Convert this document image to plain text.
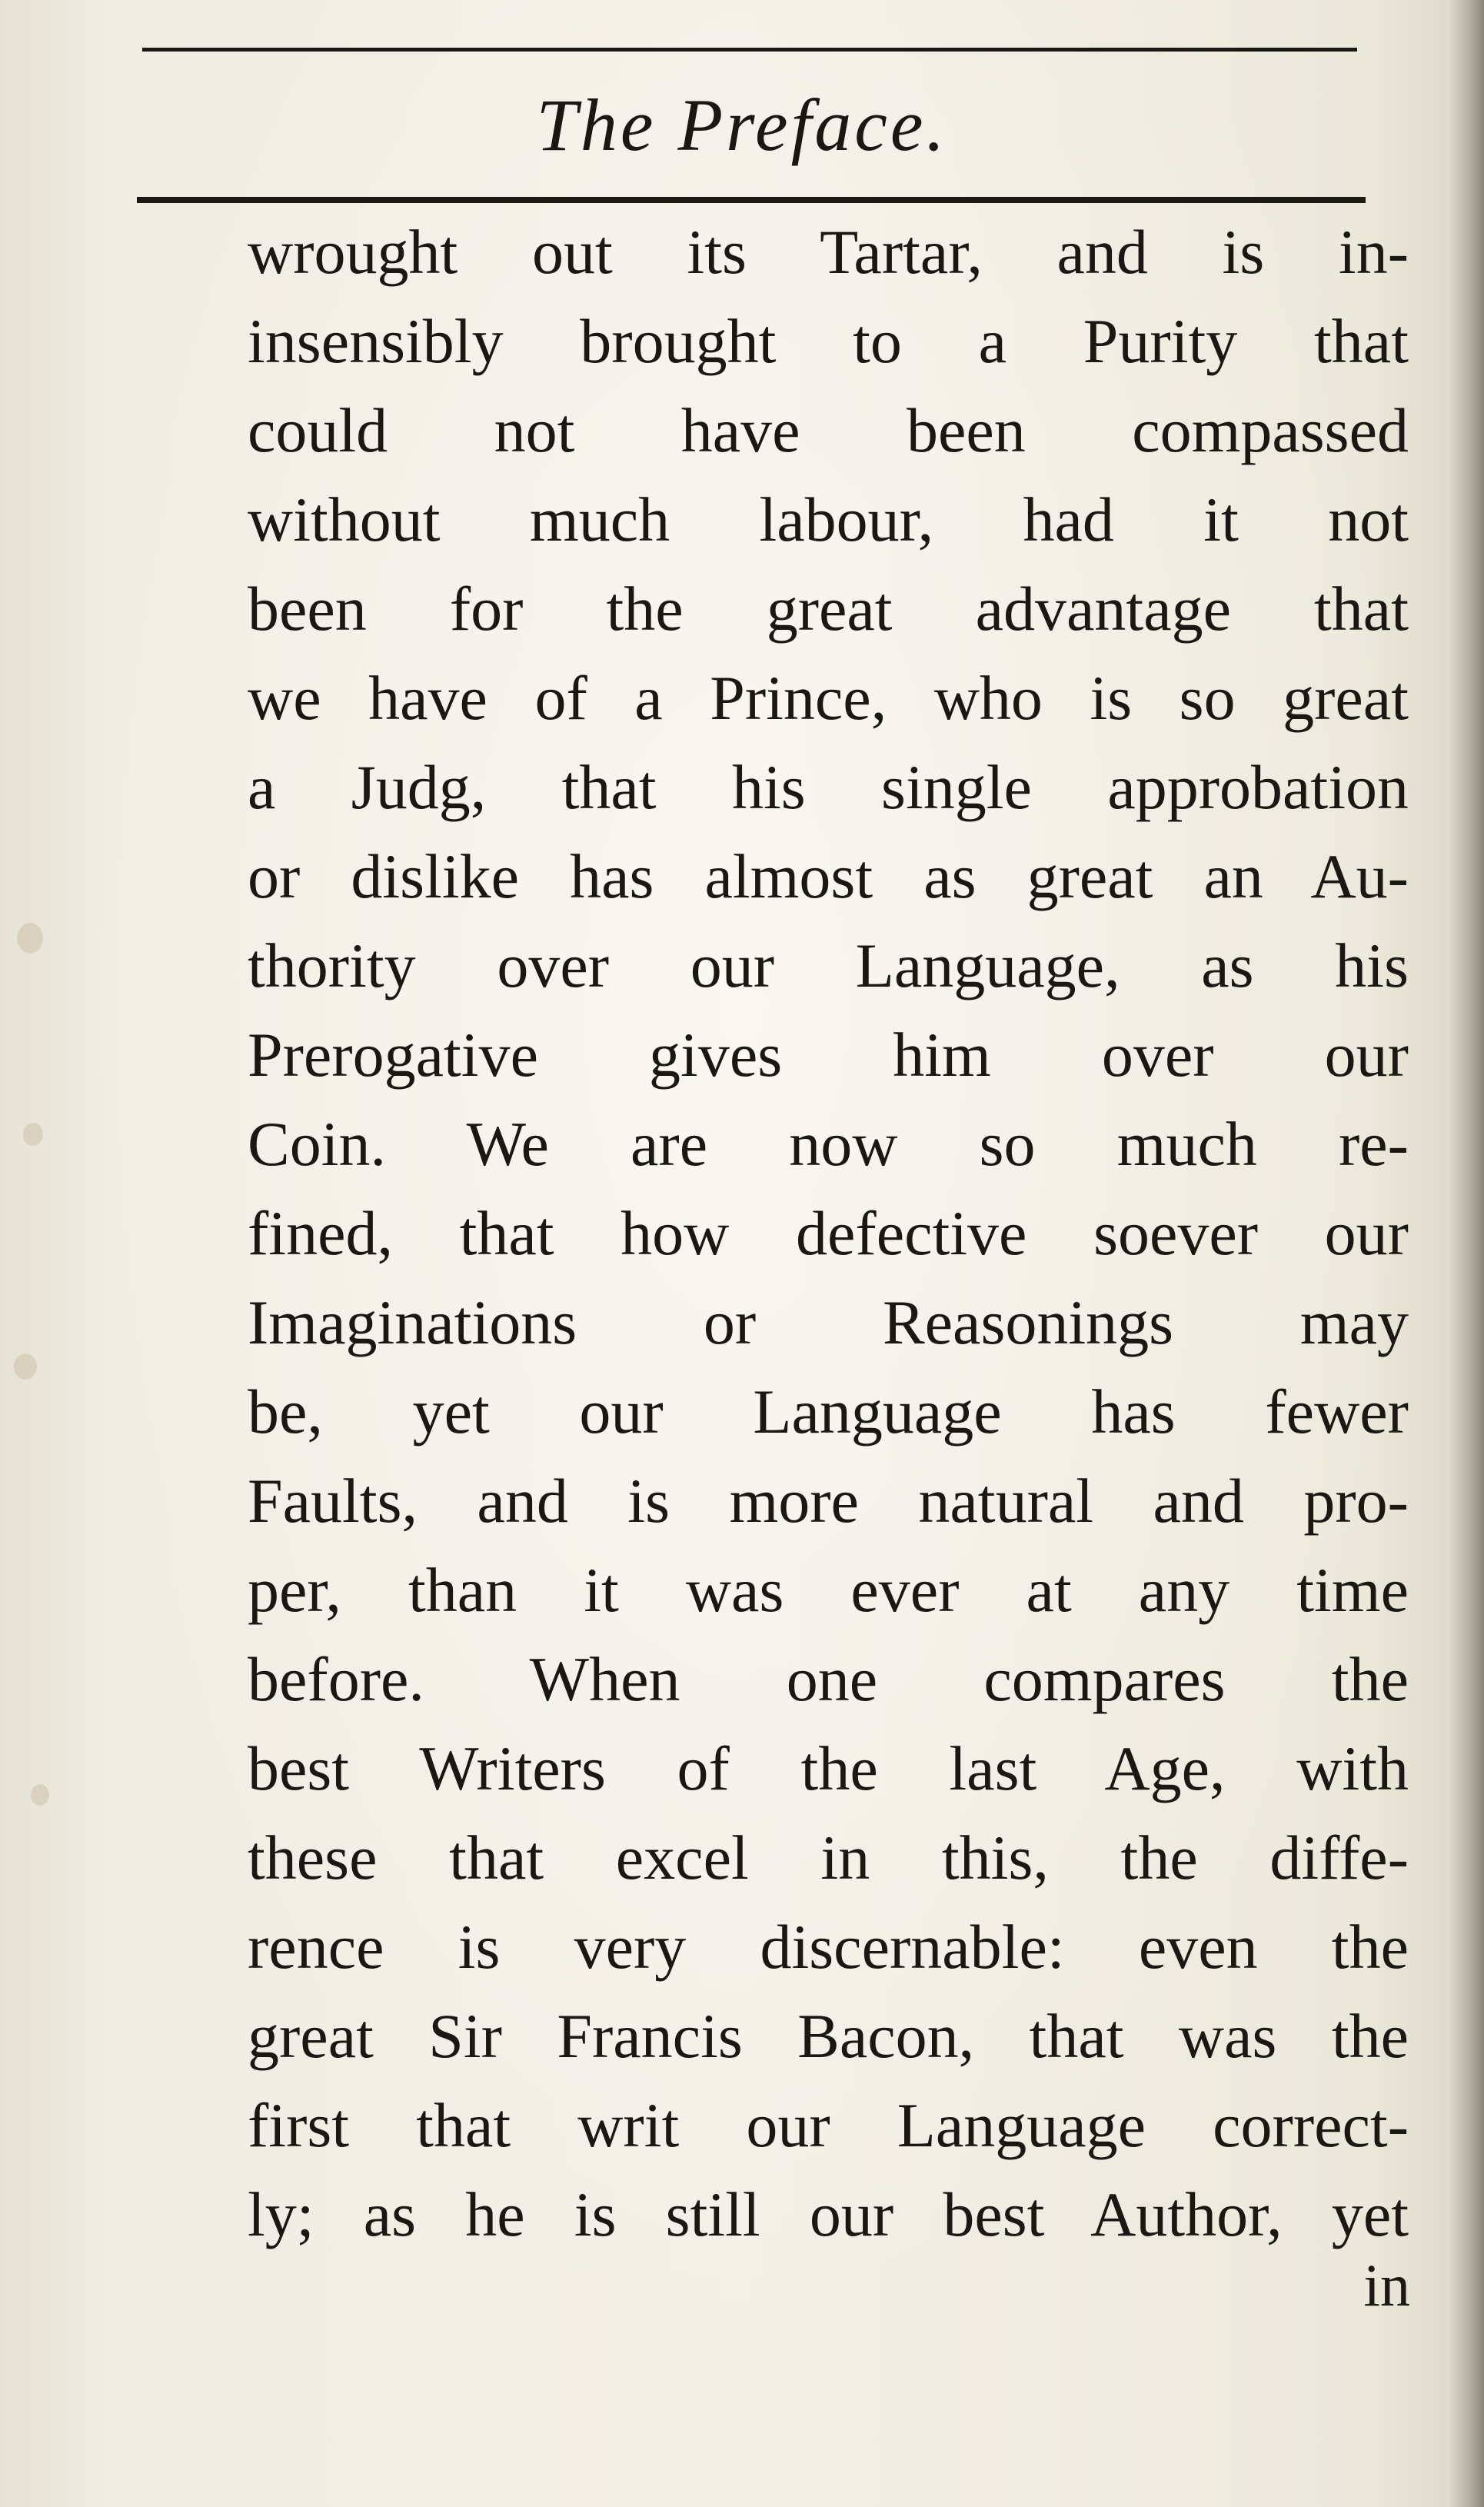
The Preface.
wrought out its Tartar, and is in-
insensibly brought to a Purity that
could not have been compassed
without much labour, had it not
been for the great advantage that
we have of a Prince, who is so great
a Judg, that his single approbation
or dislike has almost as great an Au-
thority over our Language, as his
Prerogative gives him over our
Coin. We are now so much re-
fined, that how defective soever our
Imaginations or Reasonings may
be, yet our Language has fewer
Faults, and is more natural and pro-
per, than it was ever at any time
before. When one compares the
best Writers of the last Age, with
these that excel in this, the diffe-
rence is very discernable: even the
great Sir Francis Bacon, that was the
first that writ our Language correct-
ly; as he is still our best Author, yet
in
